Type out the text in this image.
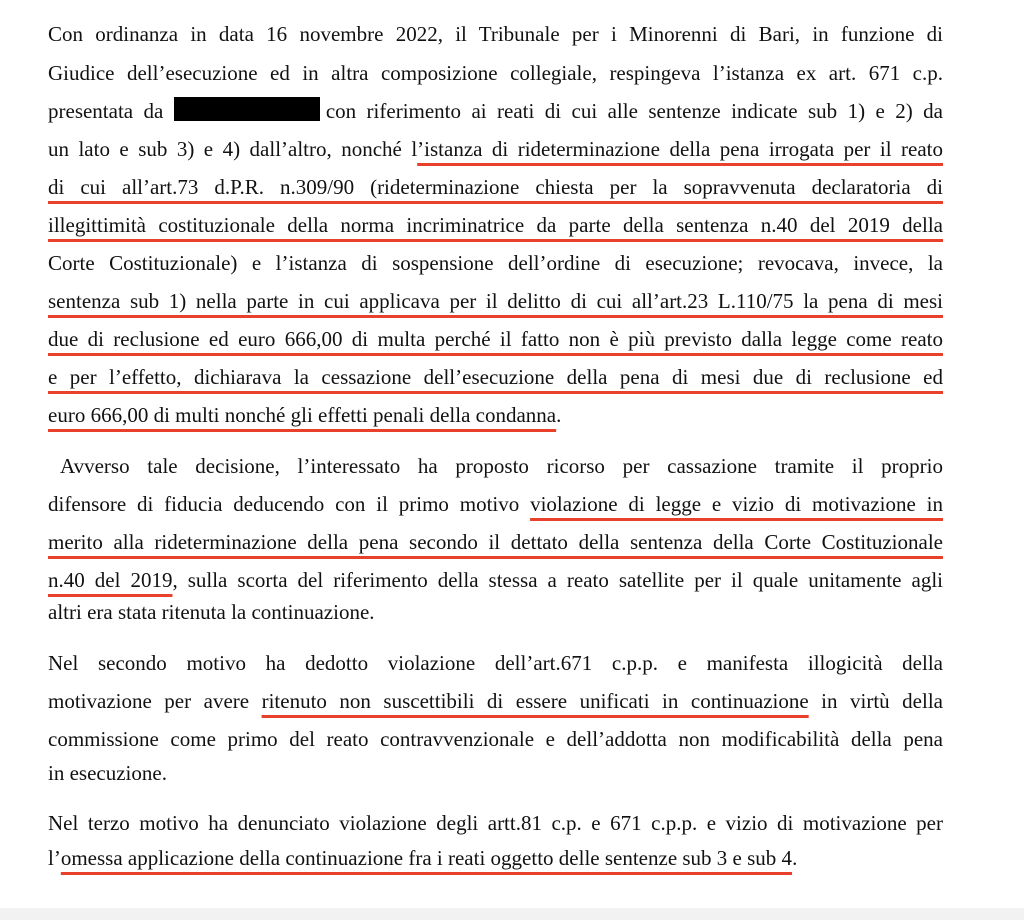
Con ordinanza in data 16 novembre 2022, il Tribunale per i Minorenni di Bari, in funzione di
Giudice dell’esecuzione ed in altra composizione collegiale, respingeva l’istanza ex art. 671 c.p.
presentata da	con riferimento ai reati di cui alle sentenze indicate sub 1) e 2) da
un lato e sub 3) e 4) dall’altro, nonché l’istanza di rideterminazione della pena irrogata per il reato
di cui all’art.73 d.P.R. n.309/90 (rideterminazione chiesta per la sopravvenuta declaratoria di
illegittimità costituzionale della norma incriminatrice da parte della sentenza n.40 del 2019 della
Corte Costituzionale) e l’istanza di sospensione dell’ordine di esecuzione; revocava, invece, la
sentenza sub 1) nella parte in cui applicava per il delitto di cui all’art.23 L.110/75 la pena di mesi
due di reclusione ed euro 666,00 di multa perché il fatto non è più previsto dalla legge come reato
e per l’effetto, dichiarava la cessazione dell’esecuzione della pena di mesi due di reclusione ed
euro 666,00 di multi nonché gli effetti penali della condanna.
Avverso tale decisione, l’interessato ha proposto ricorso per cassazione tramite il proprio
difensore di fiducia deducendo con il primo motivo violazione di legge e vizio di motivazione in
merito alla rideterminazione della pena secondo il dettato della sentenza della Corte Costituzionale
n.40 del 2019, sulla scorta del riferimento della stessa a reato satellite per il quale unitamente agli
altri era stata ritenuta la continuazione.
Nel secondo motivo ha dedotto violazione dell’art.671 c.p.p. e manifesta illogicità della
motivazione per avere ritenuto non suscettibili di essere unificati in continuazione in virtù della
commissione come primo del reato contravvenzionale e dell’addotta non modificabilità della pena
in esecuzione.
Nel terzo motivo ha denunciato violazione degli artt.81 c.p. e 671 c.p.p. e vizio di motivazione per
l’omessa applicazione della continuazione fra i reati oggetto delle sentenze sub 3 e sub 4.
